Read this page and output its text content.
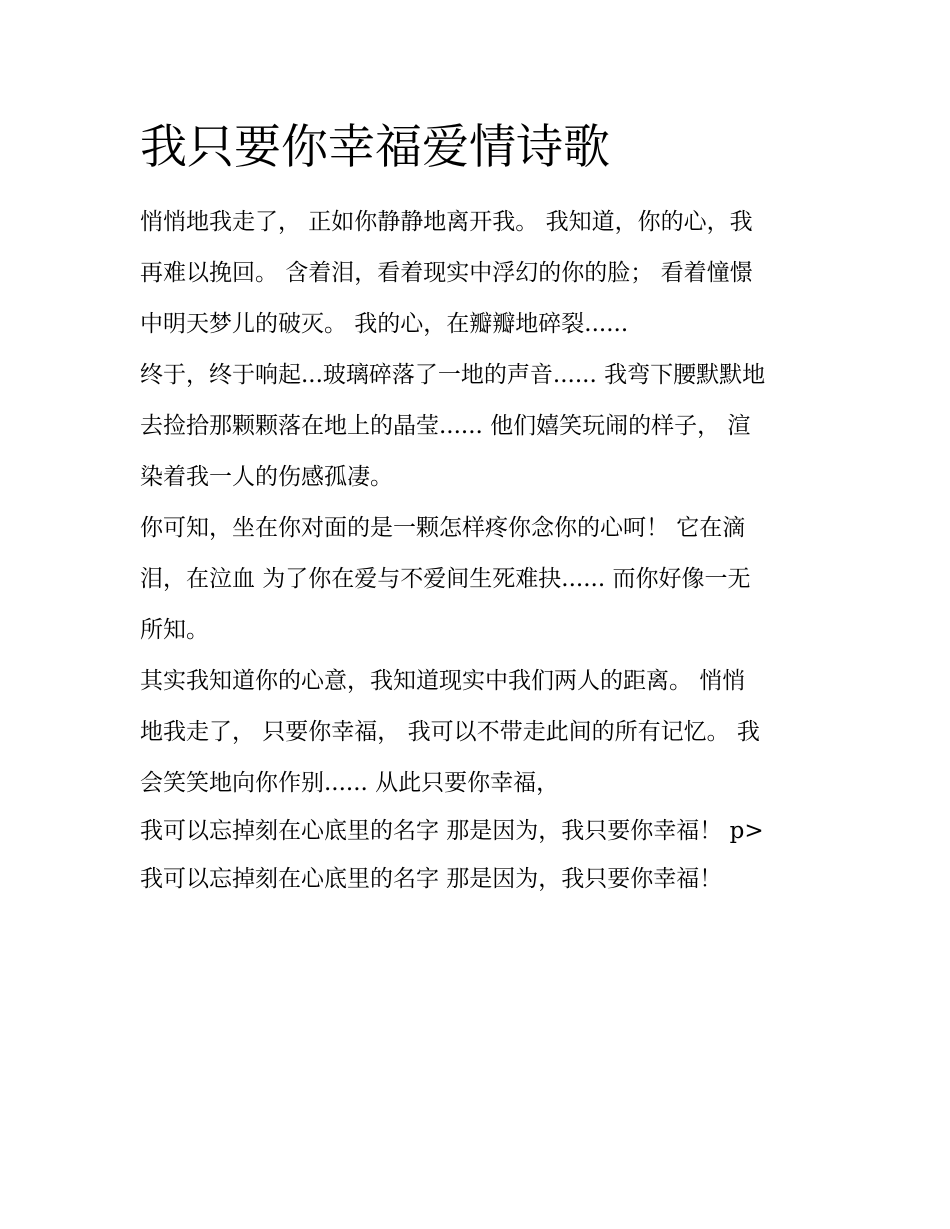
我只要你幸福爱情诗歌

悄悄地我走了， 正如你静静地离开我。 我知道，你的心，我

再难以挽回。 含着泪，看着现实中浮幻的你的脸； 看着憧憬

中明天梦儿的破灭。 我的心，在瓣瓣地碎裂......

终于，终于响起...玻璃碎落了一地的声音...... 我弯下腰默默地

去捡拾那颗颗落在地上的晶莹...... 他们嬉笑玩闹的样子， 渲

染着我一人的伤感孤凄。

你可知，坐在你对面的是一颗怎样疼你念你的心呵！ 它在滴

泪，在泣血 为了你在爱与不爱间生死难抉...... 而你好像一无

所知。

其实我知道你的心意，我知道现实中我们两人的距离。 悄悄

地我走了， 只要你幸福， 我可以不带走此间的所有记忆。 我

会笑笑地向你作别...... 从此只要你幸福，

我可以忘掉刻在心底里的名字 那是因为，我只要你幸福！ p>

我可以忘掉刻在心底里的名字 那是因为，我只要你幸福！
